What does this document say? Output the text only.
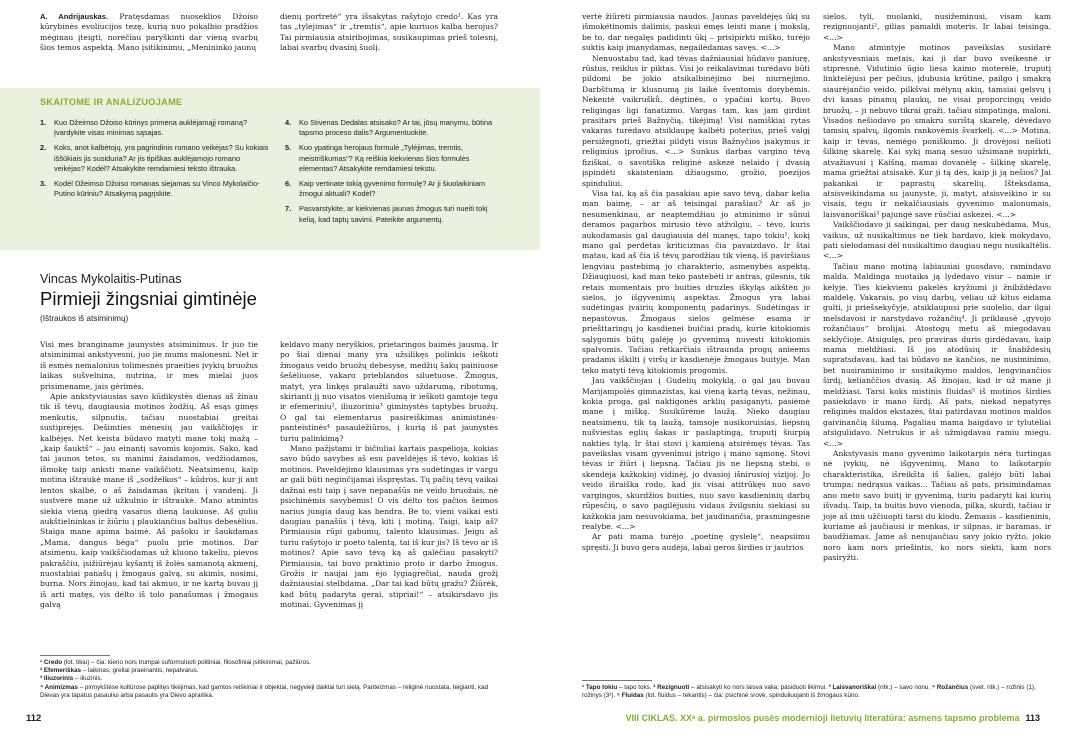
A. Andrijauskas. Pratęsdamas nuoseklios Džoiso kūrybinės evoliucijos tezę, kurią nuo pokalbio pradžios mėginau įteigti, norėčiau paryškinti dar vieną svarbų šios temos aspektą. Mano įsitikinimu, „Menininko jaunų

dienų portretė“ yra išsakytas rašytojo credo¹. Kas yra tas „tylėjimas“ ir „tremtis“, apie kuriuos kalba herojus? Tai pirmiausia atsiribojimas, susikaupimas prieš tolesnį, labai svarbų dvasinį šuolį.

SKAITOME IR ANALIZUOJAME
1.	Kuo Džeimso Džoiso kūrinys primena auklėjamąjį romaną? Įvardykite visas minimas sąsajas.
2.	Koks, anot kalbėtojų, yra pagrindinis romano veikėjas? Su kokiais iššūkiais jis susiduria? Ar jis tipiškas auklėjamojo romano veikėjas? Kodėl? Atsakykite remdamiesi teksto ištrauka.
3.	Kodėl Džeimso Džoiso romanas siejamas su Vinco Mykolaičio-Putino kūriniu? Atsakymą pagrįskite.
4.	Ko Stivenas Dedalas atsisako? Ar tai, jūsų manymu, būtina tapsmo proceso dalis? Argumentuokite.
5.	Kuo ypatinga herojaus formulė „Tylėjimas, tremtis, meistriškumas“? Ką reiškia kiekvienas šios formulės elementas? Atsakykite remdamiesi tekstu.
6.	Kaip vertinate tokią gyvenimo formulę? Ar ji šiuolaikiniam žmogui aktuali? Kodėl?
7.	Pasvarstykite, ar kiekvienas jaunas žmogus turi nueiti tokį kelią, kad taptų savimi. Pateikite argumentų.
Vincas Mykolaitis-Putinas
Pirmieji žingsniai gimtinėje
(Ištraukos iš atsiminimų)

Visi mes branginame jaunystės atsiminimus. Ir juo tie atsiminimai ankstyvesni, juo jie mums malonesni. Net ir iš esmės nemalonius tolimesnės praeities įvykių bruožus laikas sušvelnina, nutrina, ir mes mielai juos prisimename, jais gėrimės.

Apie ankstyviausias savo kūdikystės dienas aš žinau tik iš tėvų, daugiausia motinos žodžių. Aš esąs gimęs menkutis, silpnutis, tačiau nuostabiai greitai sustiprėjęs. Dešimties mėnesių jau vaikščiojęs ir kalbėjęs. Net keista būdavo matyti mane tokį mažą – „kaip šauktš“ – jau einantį savomis kojomis. Sako, kad tai jaunos tetos, su manimi žaisdamos, vedžiodamos, išmokę taip anksti mane vaikščioti. Neatsimenu, kaip motina ištraukė mane iš „sodželkos“ – kūdros, kur ji ant lentos skalbė, o aš žaisdamas įkritau į vandenį. Ji sustvėrė mane už užkulnio ir ištraukė. Mano atmintis siekia vieną giedrą vasaros dieną laukuose. Aš guliu aukštielninkas ir žiūriu į plaukiančius baltus debesėlius. Staiga mane apima baimė. Aš pašoku ir šaukdamas „Mama, dangus bėga“ puolu prie motinos. Dar atsimenu, kaip vaikščiodamas už kluono takeliu, pievos pakraščiu, įsižiūrėjau kyšantį iš žolės samanotą akmenį, nuostabiai panašų į žmogaus galvą, su akimis, nosimi, burna. Nors žinojau, kad tai akmuo, ir ne kartą buvau jį iš arti matęs, vis dėlto iš tolo panašumas į žmogaus galvą

keldavo many neryškios, prietaringos baimės jausmą. Ir po šiai dienai many yra užsilikęs polinkis ieškoti žmogaus veido bruožų debesyse, medžių šakų painiuose šešėliuose, vakaro prieblandos siluetuose. Žmogus, matyt, yra linkęs pralaužti savo uždarumą, ribotumą, skirianti jį nuo visatos vienišumą ir ieškoti gamtoje tegu ir efemeriniu², iliuzoriniu³ giminystės taptybės bruožų. O gal tai elementarus pasireiškimas animistinės-panteistinės⁴ pasaulėžiūros, į kurią iš pat jaunystės turiu palinkimą?

Mano pažįstami ir bičiuliai kartais paspėlioja, kokias savo būdo savybes aš esu paveldėjęs iš tėvo, kokias iš motinos. Paveldėjimo klausimas yra sudėtingas ir vargu ar gali būti neginčijamai išspręstas. Tų pačių tėvų vaikai dažnai esti taip į save nepanašūs nė veido bruožais, nė psichinėmis savybėmis! O vis dėlto tos pačios šeimos narius jungia daug kas bendra. Be to, vieni vaikai esti daugiau panašūs į tėvą, kiti į motiną. Taigi, kaip aš? Pirmiausia rūpi gabumų, talento klausimas. Jeigu aš turiu rašytojo ir poeto talentą, tai iš kur jis? Iš tėvo ar iš motinos? Apie savo tėvą ką aš galėčiau pasakyti? Pirmiausia, tai buvo praktinio proto ir darbo žmogus. Grožis ir naujai jam ėjo lygiagrečiai, nauda grožį dažniausiai stelbdama. „Dar tai kad būtų gražu? Žiūrėk, kad būtų padaryta gerai, stipriai!“ – atsikirsdavo jis motinai. Gyvenimas jį

¹ Credo (lot. tikiu) – čia: kieno nors trumpai suformuluoti politiniai, filosofiniai įsitikinimai, pažiūros.

² Efemeriškas – laikinas, greitai praeinantis, nepatvarus.

³ Iliuzorinis – iliuzinis.

⁴ Animizmas – pirmykštėse kultūrose paplitęs tikėjimas, kad gamtos reiškiniai ir objektai, negyvieji daiktai turi sielą. Panteizmas – religinė nuostata, teigianti, kad Dievas yra tapatus pasauliui arba pasaulis yra Dievo apraiška.

112

vertė žiūrėti pirmiausia naudos. Jaunas paveldėjęs ūkį su išmokėtinomis dalimis, paskui ėmęs leisti mane į mokslą, be to, dar negalęs padidinti ūkį – prisipirkti miško, turėjo suktis kaip įmanydamas, negailėdamas savęs. <...>

Nenuostabu tad, kad tėvas dažniausiai būdavo paniurę, rūstus, reiklus ir piktas. Visi jo reikalavimai turėdavo būti pildomi be jokio atsikalbinėjimo bei niurnėjimo. Darbštumą ir klusnumą jis laikė šventomis dorybėmis. Nekentė vaikrušků, dėgtinės, o ypačiai kortų. Buvo religingas ligi fanatizmo. Vargas tam, kas jam girdint prasitars prieš Bažnyčią, tikėjimą! Visi namiškiai rytas vakaras turėdavo atsiklaupę kalbėti poterius, prieš valgį persižegnoti, griežtai pildyti visus Bažnyčios įsakymus ir religinius įpročius. <...> Sunkus darbas vargino tėvą fiziškai, o savotiška religinė askezė nelaido į dvasią įspindėti skaisteniam džiaugsmo, grožio, poezijos spinduliui.

Visa tai, ką aš čia pasakiau apie savo tėvą, dabar kelia man baimę, – ar aš teisingai parašiau? Ar aš jo nesumenkinau, ar neaptemdžiau jo atminimo ir sūnui deramos pagarbos mirusio tėvo atžvilgiu, – tėvo, kuris aukodamasis gal daugiausia dėl manęs, tapo tokiu¹, kokį mano gal perdėtas kriticizmas čia pavaizdavo. Ir štai matau, kad aš čia iš tėvų parodžiau tik vieną, iš paviršiaus lengviau pastebimą jo charakterio, asmenybės aspektą. Džiaugiuosi, kad man teko pastebėti ir antras, gilesnis, tik retais momentais pro buities druzles iškyląs aikštėn jo sielos, jo išgyvenimų aspektas. Žmogus yra labai sudėtingas įvairių komponentų padarinys. Sudėtingas ir nepastovus. Žmogaus sielos gelmėse esama ir priešttaringų jo kasdienei buičiai pradų, kurie kitokiomis sąlygomis būtų galėję jo gyvenimą nuvesti kitokiomis spalvomis. Tačiau retkarčiais ištraunda progų anieems pradams iškilti į viršų ir kasdienėje žmogaus buityje. Man teko matyti tėvą kitokiomis progomis.

Jau vaikščiojau į Gudelių mokyklą, o gal jau buvau Marijampolės gimnazistas, kai vieną kartą tėvas, nežinau, kokia proga, gal naktigonės arklių pasiganyti, pasiėmė mane į mišką. Susikūrėme laužą. Nieko daugiau neatsimenu, tik tą laužą, tamsoje nusikoruisias, liepsnų nušviestas eglių šakas ir paslaptingą, truputį šiurpią nakties tylą. Ir štai stovi į kamieną atsirėmęs tėvas. Tas paveikslas visam gyvenimui įstrigo į mano sąmonę. Stovi tėvas ir žiūri į liepsną. Tačiau jis ne liepsną stebi, o skendėja kažkokioj vidinėj, jo dvasioj išnirusioj vizijoj. Jo veido išraiška rodo, kad jis visai atitrūkęs nuo savo vargingos, skurdžios buities, nuo savo kasdieninių darbų rūpesčių, o savo pagilėjusiu vidaus žvilgsniu siekiasi su kažkokia jam nesuvokiama, bet jaudinančia, prasmingesne realybe. <...>

Ar pati mama turėjo „poetinę gyslelę“, neapsiimu spręsti. Ji buvo gera audėja, labai geros širdies ir jautrios

sielos, tyli, nuolanki, nusižeminusi, visam kam rezignuojanti², gilias pamaldi moteris. Ir labai teisinga. <...>

Mano atmintyje motinos paveikslas susidarė ankstyvesniais metais, kai ji dar buvo sveikesnė ir stipresnė. Vidutinio ūgio liesa kaimo moterėlė, truputį linktelėjusi per pečius, įdubusia krūtine, pailgo į smakrą siaurėjančio veido, pilkšvai mėlynų akių, tamsiai gelsvų į dvi kasas pinamų plaukų, ne visai proporcingų veido bruožų, – ji nebuvo tikrai graži, tačiau simpatinga, maloni. Visados nešiodavo po smakru surištą skarelę, dėvėdavo tamsių spalvų, ilgomis rankovėmis švarkelį. <...> Motina, kaip ir tėvas, nemėgo poniškumo. Ji drovėjosi nešioti šilkinę skarelę. Kai sykį maną sesuo užsimanė nupirkti, atvažiavusi į Kaišną, mamai dovanėlę – šilkinę skarelę, mama griežtai atsisakė. Kur ji tą dės, kaip ji ją nešios? Jai pakankai ir paprastų skarelių. Išteksdama, atsisveikindama su jaunyste, ji, matyt, atsisveikino ir su visais, tegu ir nekalčiausiais gyvenimo malonumais, laisvanoriškai³ pajungė save rūsčiai askezei. <...>

Vaikščiodavo ji saikingai, per daug neskubėdama. Mus, vaikus, už nusikaltimus ne tiek bardavo, kiek mokydavo, pati sielodamasi dėl nusikaltimo daugiau negu nusikaltėlis. <...>

Tačiau mano motiną labiausiai guosdavo, ramindavo malda. Maldinga nuotaika ją lydėdavo visur – namie ir kelyje. Ties kiekvienu pakelės kryžiumi ji žnibždėdavo maldelę. Vakarais, po visų darbų, vėliau už kitus eidama gulti, ji priešsekyčyje, atsiklaupusi prie suolelio, dar ilgai melsdavosi ir narstydavo rožančių⁴. Ji priklausė „gyvojo rožančiaus“ brolijai. Atostogų metu aš miegodavau seklyčioje. Atsigulęs, pro praviras duris girdėdavau, kaip mama meldžiasi. Iš jos atodūsių ir šnabždesių supratsdavau, kad tai būdavo ne kančios, ne nusiminimo, bet nusiraminimo ir susitaikymo maldos, lengvinančios širdį, kelianččios dvasią. Aš žinojau, kad ir už mane ji meldžiasi. Tarsi koks mistinis fluidas⁵ iš motinos širdies pasiekdavo ir mano širdį. Aš pats, niekad nepatyręs religinės maldos ekstazės, štai patirdavau motinos maldos gaivinančią šilumą. Pagaliau mama baigdavo ir tylutėliai atsigulidavo. Netrukus ir aš užmigdavau ramiu miegu. <...>

Ankstyvasis mano gyvenimo laikotarpis nėra turtingas nė įvykių, nė išgyvenimų. Mano to laikotarpio charakteristika, išreikšta iš šalies, galėjo būti labai trumpa: nedrąsus vaikas... Tačiau aš pats, prisimindamas ano meto savo buitį ir gyvenimą, turiu padaryti kai kurių išvadų. Taip, ta buitis buvo vienoda, pilka, skurdi, tačiau ir joje aš imu užčiuopti tarsi du klodu. Žemasis – kasdieninis, kuriame aš jaučiausi ir menkas, ir silpnas, ir baramas, ir baudžiamas. Jame aš nenujaučiau savy jokio ryžto, jokio noro kam nors priešintis, ko nors siekti, kam nors pasiryžti.

¹ Tapo tokiu – tapo toks. ² Rezignuoti – atsisakyti ko nors laisva valia; pasiduoti likimui. ³ Laisvanoriškai (ntk.) – savo nonu. ⁴ Rožančius (svet. ntk.) – rožinis (1), rožinys (3²). ⁵ Fluidas (lot. fluidus – tekantis) – čia: psichinė srovė, spinduliuojanti iš žmogaus kūno.

VIII CIKLAS. XXᵃ a. pirmosios pusės modernioji lietuvių literatūra: asmens tapsmo problema 113
